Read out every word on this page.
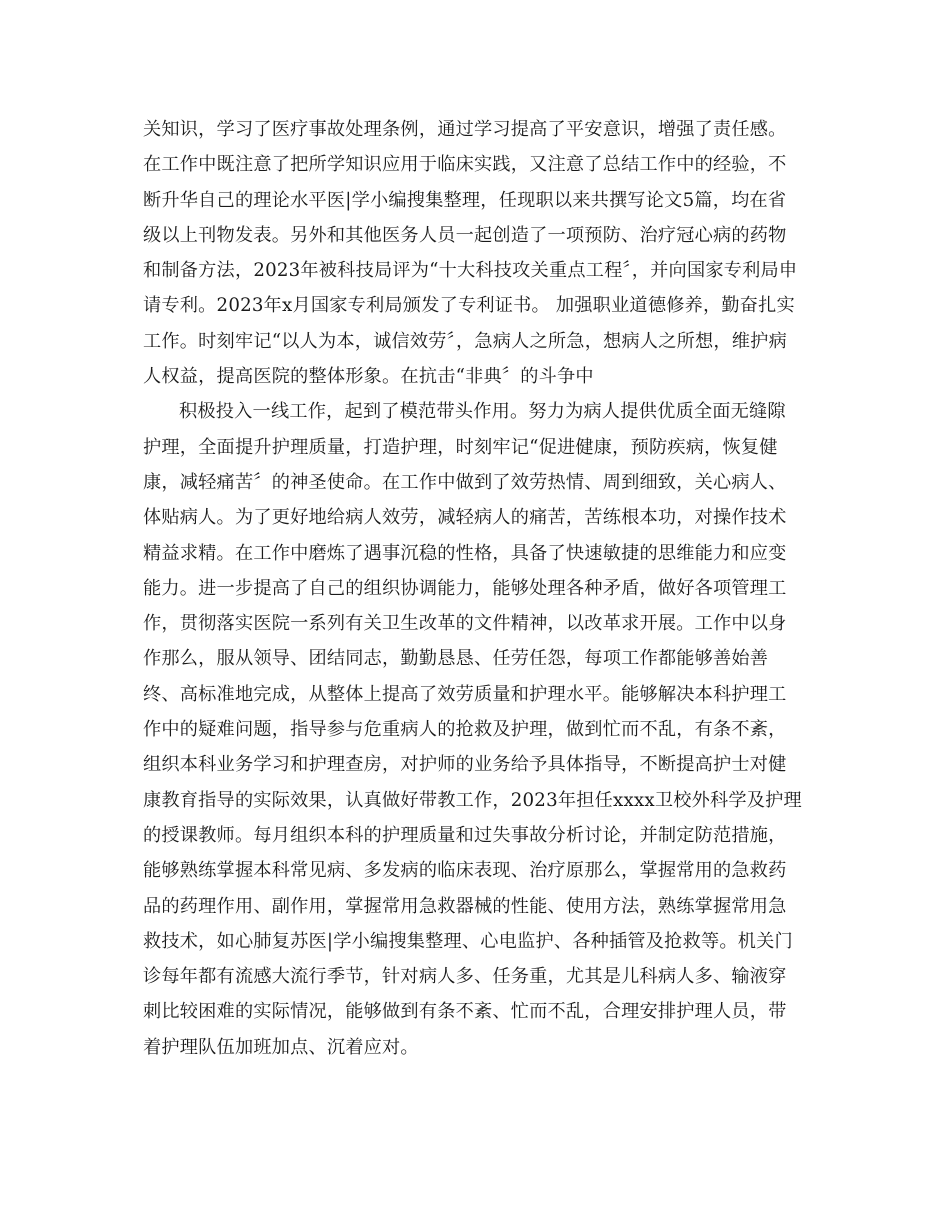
关知识，学习了医疗事故处理条例，通过学习提高了平安意识，增强了责任感。
在工作中既注意了把所学知识应用于临床实践，又注意了总结工作中的经验，不
断升华自己的理论水平医|学小编搜集整理，任现职以来共撰写论文5篇，均在省
级以上刊物发表。另外和其他医务人员一起创造了一项预防、治疗冠心病的药物
和制备方法，2023年被科技局评为“十大科技攻关重点工程〞，并向国家专利局申
请专利。2023年x月国家专利局颁发了专利证书。 加强职业道德修养，勤奋扎实
工作。时刻牢记“以人为本，诚信效劳〞，急病人之所急，想病人之所想，维护病
人权益，提高医院的整体形象。在抗击“非典〞的斗争中
积极投入一线工作，起到了模范带头作用。努力为病人提供优质全面无缝隙
护理，全面提升护理质量，打造护理，时刻牢记“促进健康，预防疾病，恢复健
康，减轻痛苦〞的神圣使命。在工作中做到了效劳热情、周到细致，关心病人、
体贴病人。为了更好地给病人效劳，减轻病人的痛苦，苦练根本功，对操作技术
精益求精。在工作中磨炼了遇事沉稳的性格，具备了快速敏捷的思维能力和应变
能力。进一步提高了自己的组织协调能力，能够处理各种矛盾，做好各项管理工
作，贯彻落实医院一系列有关卫生改革的文件精神，以改革求开展。工作中以身
作那么，服从领导、团结同志，勤勤恳恳、任劳任怨，每项工作都能够善始善
终、高标准地完成，从整体上提高了效劳质量和护理水平。能够解决本科护理工
作中的疑难问题，指导参与危重病人的抢救及护理，做到忙而不乱，有条不紊，
组织本科业务学习和护理查房，对护师的业务给予具体指导，不断提高护士对健
康教育指导的实际效果，认真做好带教工作，2023年担任xxxx卫校外科学及护理
的授课教师。每月组织本科的护理质量和过失事故分析讨论，并制定防范措施，
能够熟练掌握本科常见病、多发病的临床表现、治疗原那么，掌握常用的急救药
品的药理作用、副作用，掌握常用急救器械的性能、使用方法，熟练掌握常用急
救技术，如心肺复苏医|学小编搜集整理、心电监护、各种插管及抢救等。机关门
诊每年都有流感大流行季节，针对病人多、任务重，尤其是儿科病人多、输液穿
刺比较困难的实际情况，能够做到有条不紊、忙而不乱，合理安排护理人员，带
着护理队伍加班加点、沉着应对。
